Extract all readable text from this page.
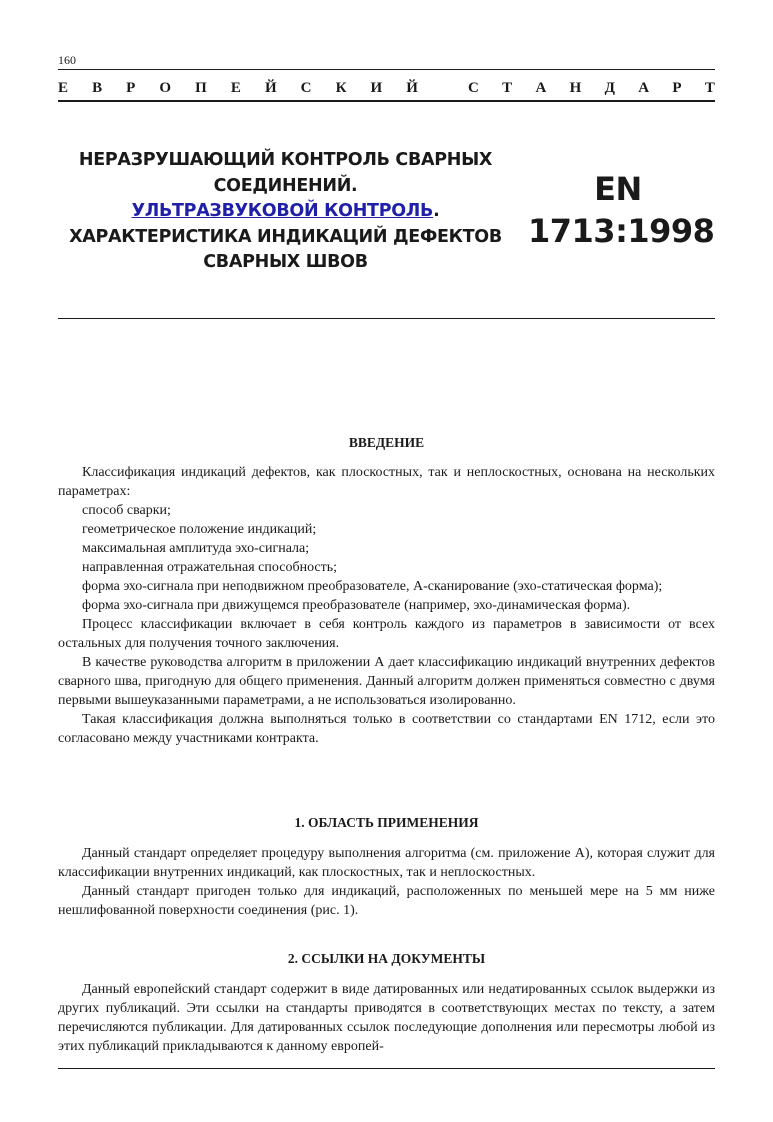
160
Е В Р О П Е Й С К И Й	С Т А Н Д А Р Т
НЕРАЗРУШАЮЩИЙ КОНТРОЛЬ СВАРНЫХ
СОЕДИНЕНИЙ.
УЛЬТРАЗВУКОВОЙ КОНТРОЛЬ.
ХАРАКТЕРИСТИКА ИНДИКАЦИЙ ДЕФЕКТОВ
СВАРНЫХ ШВОВ
EN
1713:1998
ВВЕДЕНИЕ

Классификация индикаций дефектов, как плоскостных, так и неплоскостных, основана на нескольких параметрах:

способ сварки;

геометрическое положение индикаций;

максимальная амплитуда эхо-сигнала;

направленная отражательная способность;

форма эхо-сигнала при неподвижном преобразователе, А-сканирование (эхо-статическая форма);

форма эхо-сигнала при движущемся преобразователе (например, эхо-динамическая форма).

Процесс классификации включает в себя контроль каждого из параметров в зависимости от всех остальных для получения точного заключения.

В качестве руководства алгоритм в приложении А дает классификацию индикаций внутренних дефектов сварного шва, пригодную для общего применения. Данный алгоритм должен применяться совместно с двумя первыми вышеуказанными параметрами, а не использоваться изолированно.

Такая классификация должна выполняться только в соответствии со стандартами EN 1712, если это согласовано между участниками контракта.

1. ОБЛАСТЬ ПРИМЕНЕНИЯ

Данный стандарт определяет процедуру выполнения алгоритма (см. приложение А), которая служит для классификации внутренних индикаций, как плоскостных, так и неплоскостных.

Данный стандарт пригоден только для индикаций, расположенных по меньшей мере на 5 мм ниже нешлифованной поверхности соединения (рис. 1).

2. ССЫЛКИ НА ДОКУМЕНТЫ

Данный европейский стандарт содержит в виде датированных или недатированных ссылок выдержки из других публикаций. Эти ссылки на стандарты приводятся в соответствующих местах по тексту, а затем перечисляются публикации. Для датированных ссылок последующие дополнения или пересмотры любой из этих публикаций прикладываются к данному европей-
